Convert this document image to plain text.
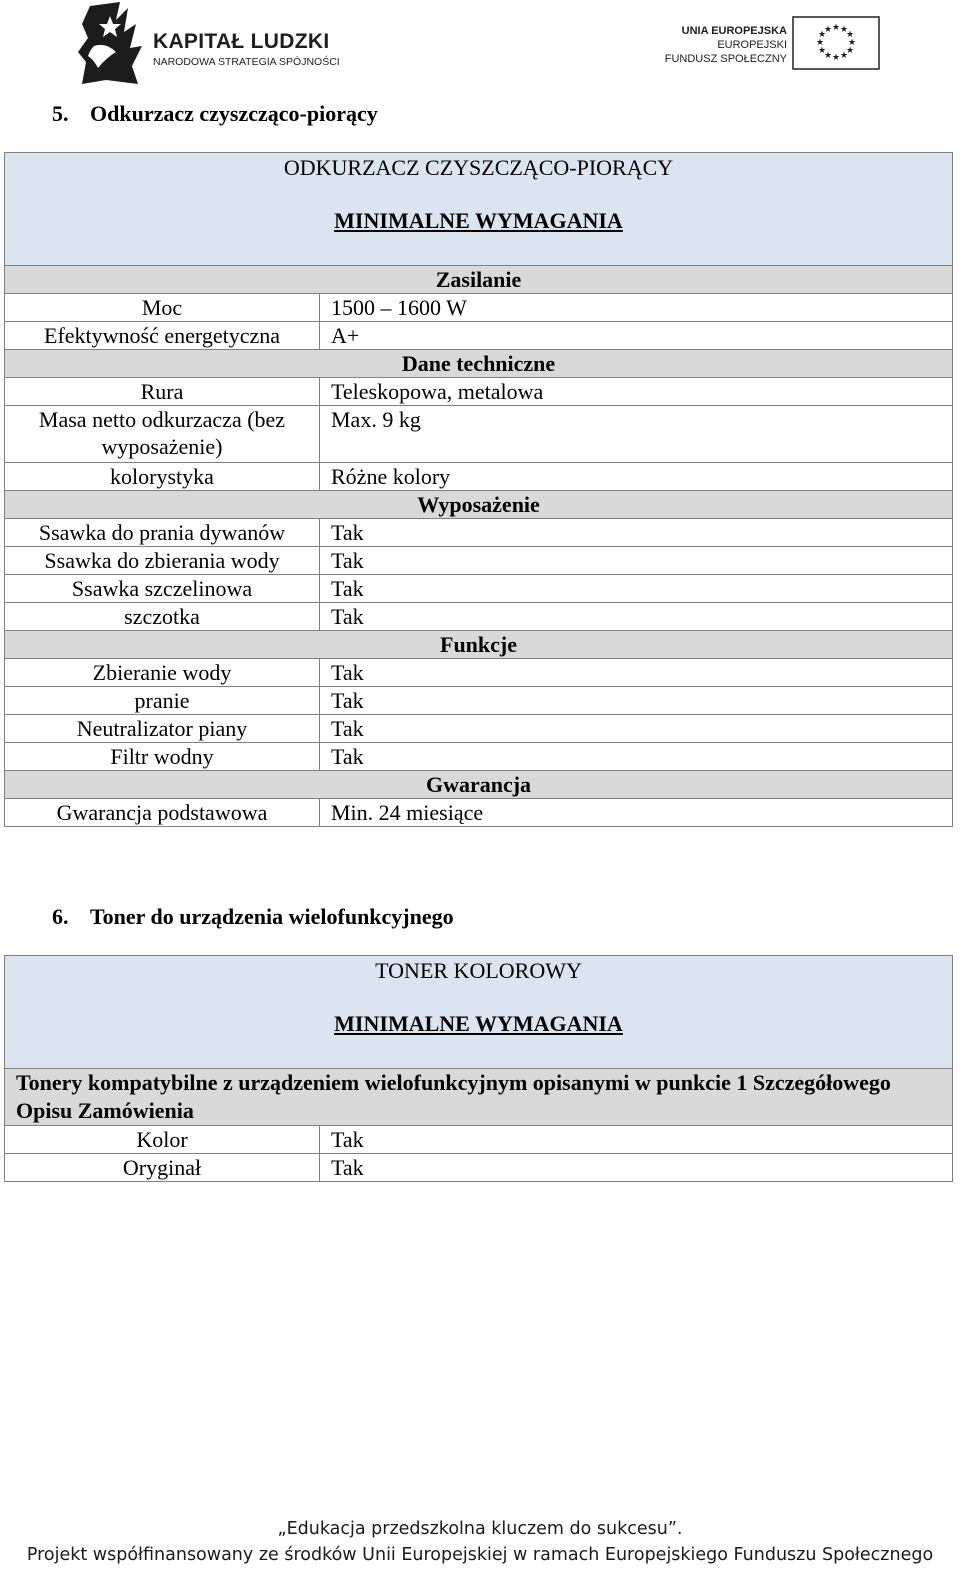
KAPITAŁ LUDZKI
NARODOWA STRATEGIA SPÓJNOŚCI
UNIA EUROPEJSKA
EUROPEJSKI
FUNDUSZ SPOŁECZNY
★ ★
★
★
★
★
★
★
★
★
★
★
5. Odkurzacz czyszcząco-piorący
ODKURZACZ CZYSZCZĄCO-PIORĄCY
MINIMALNE WYMAGANIA	

Zasilanie	
Moc	1500 – 1600 W
Efektywność energetyczna	A+
Dane techniczne	
Rura	Teleskopowa, metalowa
Masa netto odkurzacza (bez wyposażenie)	Max. 9 kg
kolorystyka	Różne kolory
Wyposażenie	
Ssawka do prania dywanów	Tak
Ssawka do zbierania wody	Tak
Ssawka szczelinowa	Tak
szczotka	Tak
Funkcje	
Zbieranie wody	Tak
pranie	Tak
Neutralizator piany	Tak
Filtr wodny	Tak
Gwarancja	
Gwarancja podstawowa	Min. 24 miesiące
6. Toner do urządzenia wielofunkcyjnego
TONER KOLOROWY
MINIMALNE WYMAGANIA	

Tonery kompatybilne z urządzeniem wielofunkcyjnym opisanymi w punkcie 1 Szczegółowego Opisu Zamówienia	
Kolor	Tak
Oryginał	Tak
„Edukacja przedszkolna kluczem do sukcesu”.
Projekt współfinansowany ze środków Unii Europejskiej w ramach Europejskiego Funduszu Społecznego
